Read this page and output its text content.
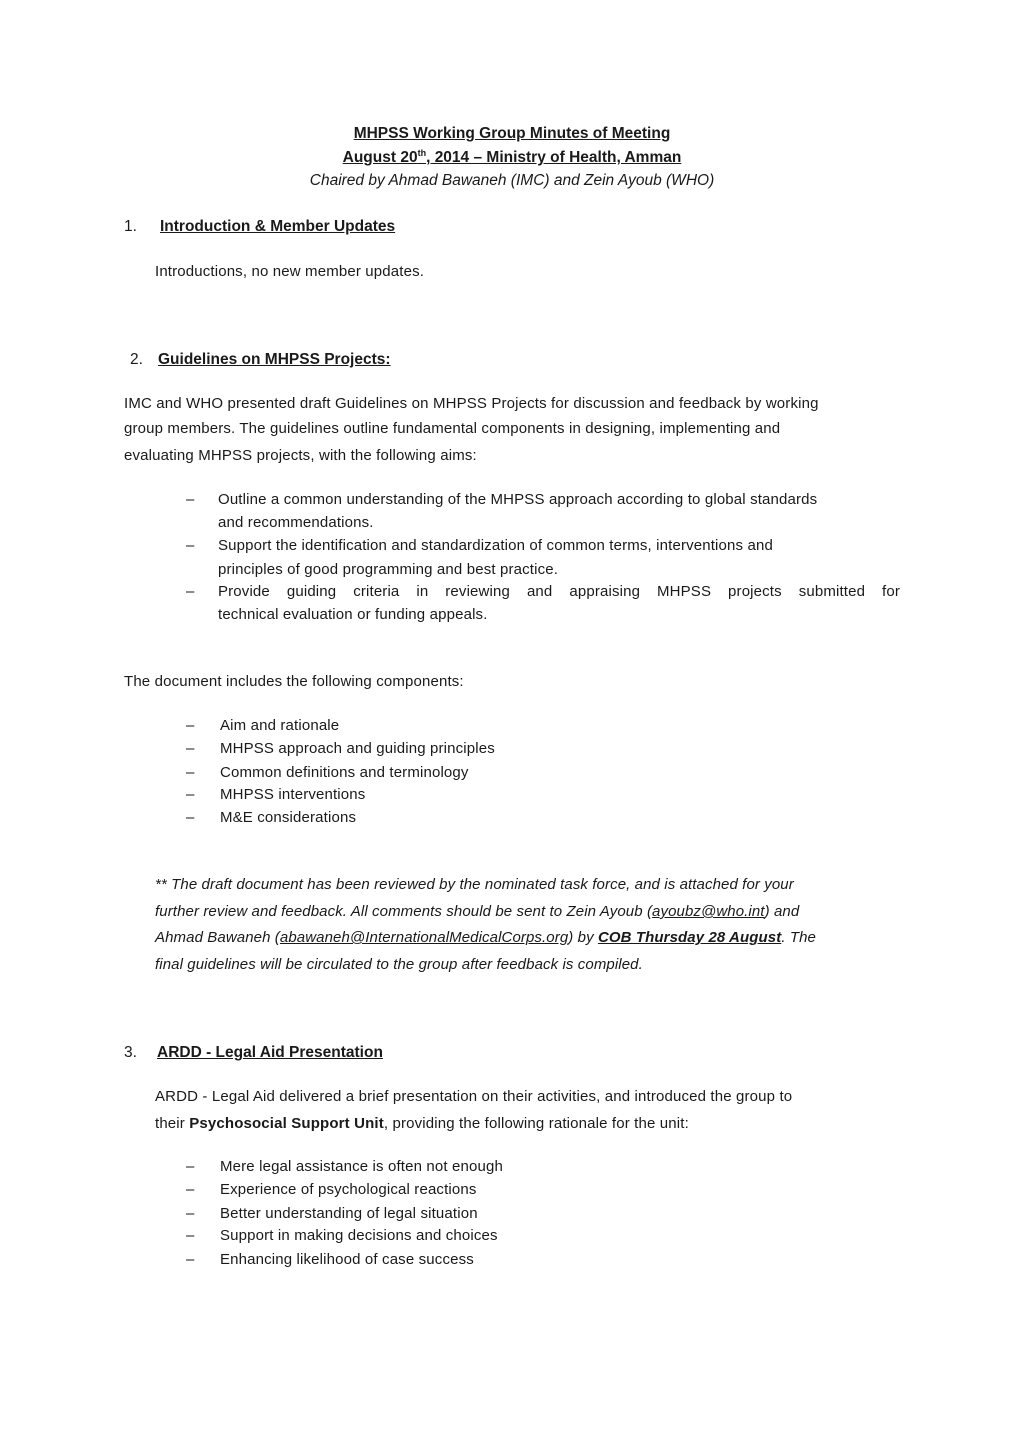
MHPSS Working Group Minutes of Meeting
August 20th, 2014 – Ministry of Health, Amman
Chaired by Ahmad Bawaneh (IMC) and Zein Ayoub (WHO)
1. Introduction & Member Updates
Introductions, no new member updates.
2. Guidelines on MHPSS Projects:
IMC and WHO presented draft Guidelines on MHPSS Projects for discussion and feedback by working
group members. The guidelines outline fundamental components in designing, implementing and
evaluating MHPSS projects, with the following aims:
– Outline a common understanding of the MHPSS approach according to global standards
and recommendations.
– Support the identification and standardization of common terms, interventions and
principles of good programming and best practice.
– Provide guiding criteria in reviewing and appraising MHPSS projects submitted for
technical evaluation or funding appeals.
The document includes the following components:
– Aim and rationale
– MHPSS approach and guiding principles
– Common definitions and terminology
– MHPSS interventions
– M&E considerations
** The draft document has been reviewed by the nominated task force, and is attached for your
further review and feedback. All comments should be sent to Zein Ayoub (ayoubz@who.int) and
Ahmad Bawaneh (abawaneh@InternationalMedicalCorps.org) by COB Thursday 28 August. The
final guidelines will be circulated to the group after feedback is compiled.
3. ARDD - Legal Aid Presentation
ARDD - Legal Aid delivered a brief presentation on their activities, and introduced the group to
their Psychosocial Support Unit, providing the following rationale for the unit:
– Mere legal assistance is often not enough
– Experience of psychological reactions
– Better understanding of legal situation
– Support in making decisions and choices
– Enhancing likelihood of case success
